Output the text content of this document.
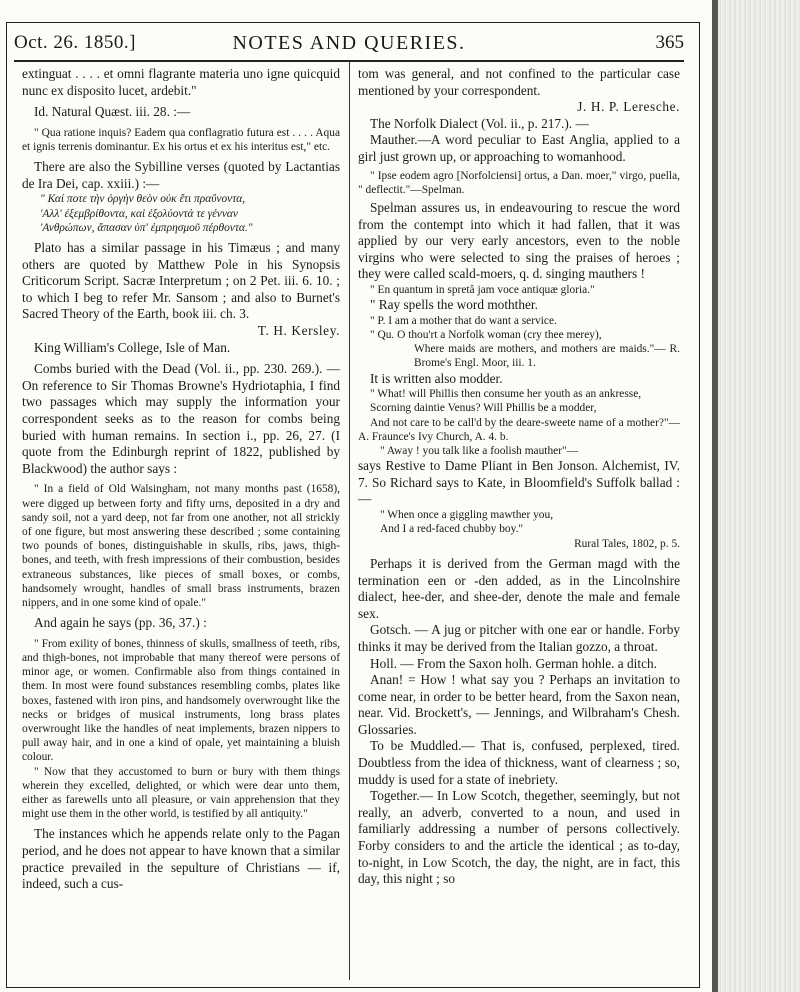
Oct. 26. 1850.]	NOTES AND QUERIES.	365

extinguat . . . . et omni flagrante materia uno igne quicquid nunc ex disposito lucet, ardebit."

Id. Natural Quæst. iii. 28. :—

" Qua ratione inquis? Eadem qua conflagratio futura est . . . . Aqua et ignis terrenis dominantur. Ex his ortus et ex his interitus est," etc.

There are also the Sybilline verses (quoted by Lactantias de Ira Dei, cap. xxiii.) :—

" Καί ποτε τὴν ὀργὴν θεὸν οὐκ ἔτι πραΰνοντα,

'Αλλ' ἐξεμβρίθοντα, καὶ ἐξολύοντά τε γένναν

'Ανθρώπων, ἅπασαν ὑπ' ἐμπρησμοῦ πέρθοντα."

Plato has a similar passage in his Timæus ; and many others are quoted by Matthew Pole in his Synopsis Criticorum Script. Sacræ Interpretum ; on 2 Pet. iii. 6. 10. ; to which I beg to refer Mr. Sansom ; and also to Burnet's Sacred Theory of the Earth, book iii. ch. 3.

T. H. Kersley.

King William's College, Isle of Man.

Combs buried with the Dead (Vol. ii., pp. 230. 269.). — On reference to Sir Thomas Browne's Hydriotaphia, I find two passages which may supply the information your correspondent seeks as to the reason for combs being buried with human remains. In section i., pp. 26, 27. (I quote from the Edinburgh reprint of 1822, published by Blackwood) the author says :

" In a field of Old Walsingham, not many months past (1658), were digged up between forty and fifty urns, deposited in a dry and sandy soil, not a yard deep, not far from one another, not all strickly of one figure, but most answering these described ; some containing two pounds of bones, distinguishable in skulls, ribs, jaws, thigh-bones, and teeth, with fresh impressions of their combustion, besides extraneous substances, like pieces of small boxes, or combs, handsomely wrought, handles of small brass instruments, brazen nippers, and in one some kind of opale."

And again he says (pp. 36, 37.) :

" From exility of bones, thinness of skulls, smallness of teeth, ribs, and thigh-bones, not improbable that many thereof were persons of minor age, or women. Confirmable also from things contained in them. In most were found substances resembling combs, plates like boxes, fastened with iron pins, and handsomely overwrought like the necks or bridges of musical instruments, long brass plates overwrought like the handles of neat implements, brazen nippers to pull away hair, and in one a kind of opale, yet maintaining a bluish colour.

" Now that they accustomed to burn or bury with them things wherein they excelled, delighted, or which were dear unto them, either as farewells unto all pleasure, or vain apprehension that they might use them in the other world, is testified by all antiquity."

The instances which he appends relate only to the Pagan period, and he does not appear to have known that a similar practice prevailed in the sepulture of Christians — if, indeed, such a cus-

tom was general, and not confined to the particular case mentioned by your correspondent.

J. H. P. Leresche.

The Norfolk Dialect (Vol. ii., p. 217.). —

Mauther.—A word peculiar to East Anglia, applied to a girl just grown up, or approaching to womanhood.

" Ipse eodem agro [Norfolciensi] ortus, a Dan. moer," virgo, puella, " deflectit."—Spelman.

Spelman assures us, in endeavouring to rescue the word from the contempt into which it had fallen, that it was applied by our very early ancestors, even to the noble virgins who were selected to sing the praises of heroes ; they were called scald-moers, q. d. singing mauthers !

" En quantum in spretâ jam voce antiquæ gloria."

" Ray spells the word mothther.

" P. I am a mother that do want a service.

" Qu. O thou'rt a Norfolk woman (cry thee merey),

Where maids are mothers, and mothers are maids."— R. Brome's Engl. Moor, iii. 1.

It is written also modder.

" What! will Phillis then consume her youth as an ankresse,

Scorning daintie Venus? Will Phillis be a modder,

And not care to be call'd by the deare-sweete name of a mother?"—A. Fraunce's Ivy Church, A. 4. b.

" Away ! you talk like a foolish mauther"—

says Restive to Dame Pliant in Ben Jonson. Alchemist, IV. 7. So Richard says to Kate, in Bloomfield's Suffolk ballad : —

" When once a giggling mawther you,

And I a red-faced chubby boy."

Rural Tales, 1802, p. 5.

Perhaps it is derived from the German magd with the termination een or -den added, as in the Lincolnshire dialect, hee-der, and shee-der, denote the male and female sex.

Gotsch. — A jug or pitcher with one ear or handle. Forby thinks it may be derived from the Italian gozzo, a throat.

Holl. — From the Saxon holh. German hohle. a ditch.

Anan! = How ! what say you ? Perhaps an invitation to come near, in order to be better heard, from the Saxon nean, near. Vid. Brockett's, — Jennings, and Wilbraham's Chesh. Glossaries.

To be Muddled.— That is, confused, perplexed, tired. Doubtless from the idea of thickness, want of clearness ; so, muddy is used for a state of inebriety.

Together.— In Low Scotch, thegether, seemingly, but not really, an adverb, converted to a noun, and used in familiarly addressing a number of persons collectively. Forby considers to and the article the identical ; as to-day, to-night, in Low Scotch, the day, the night, are in fact, this day, this night ; so
